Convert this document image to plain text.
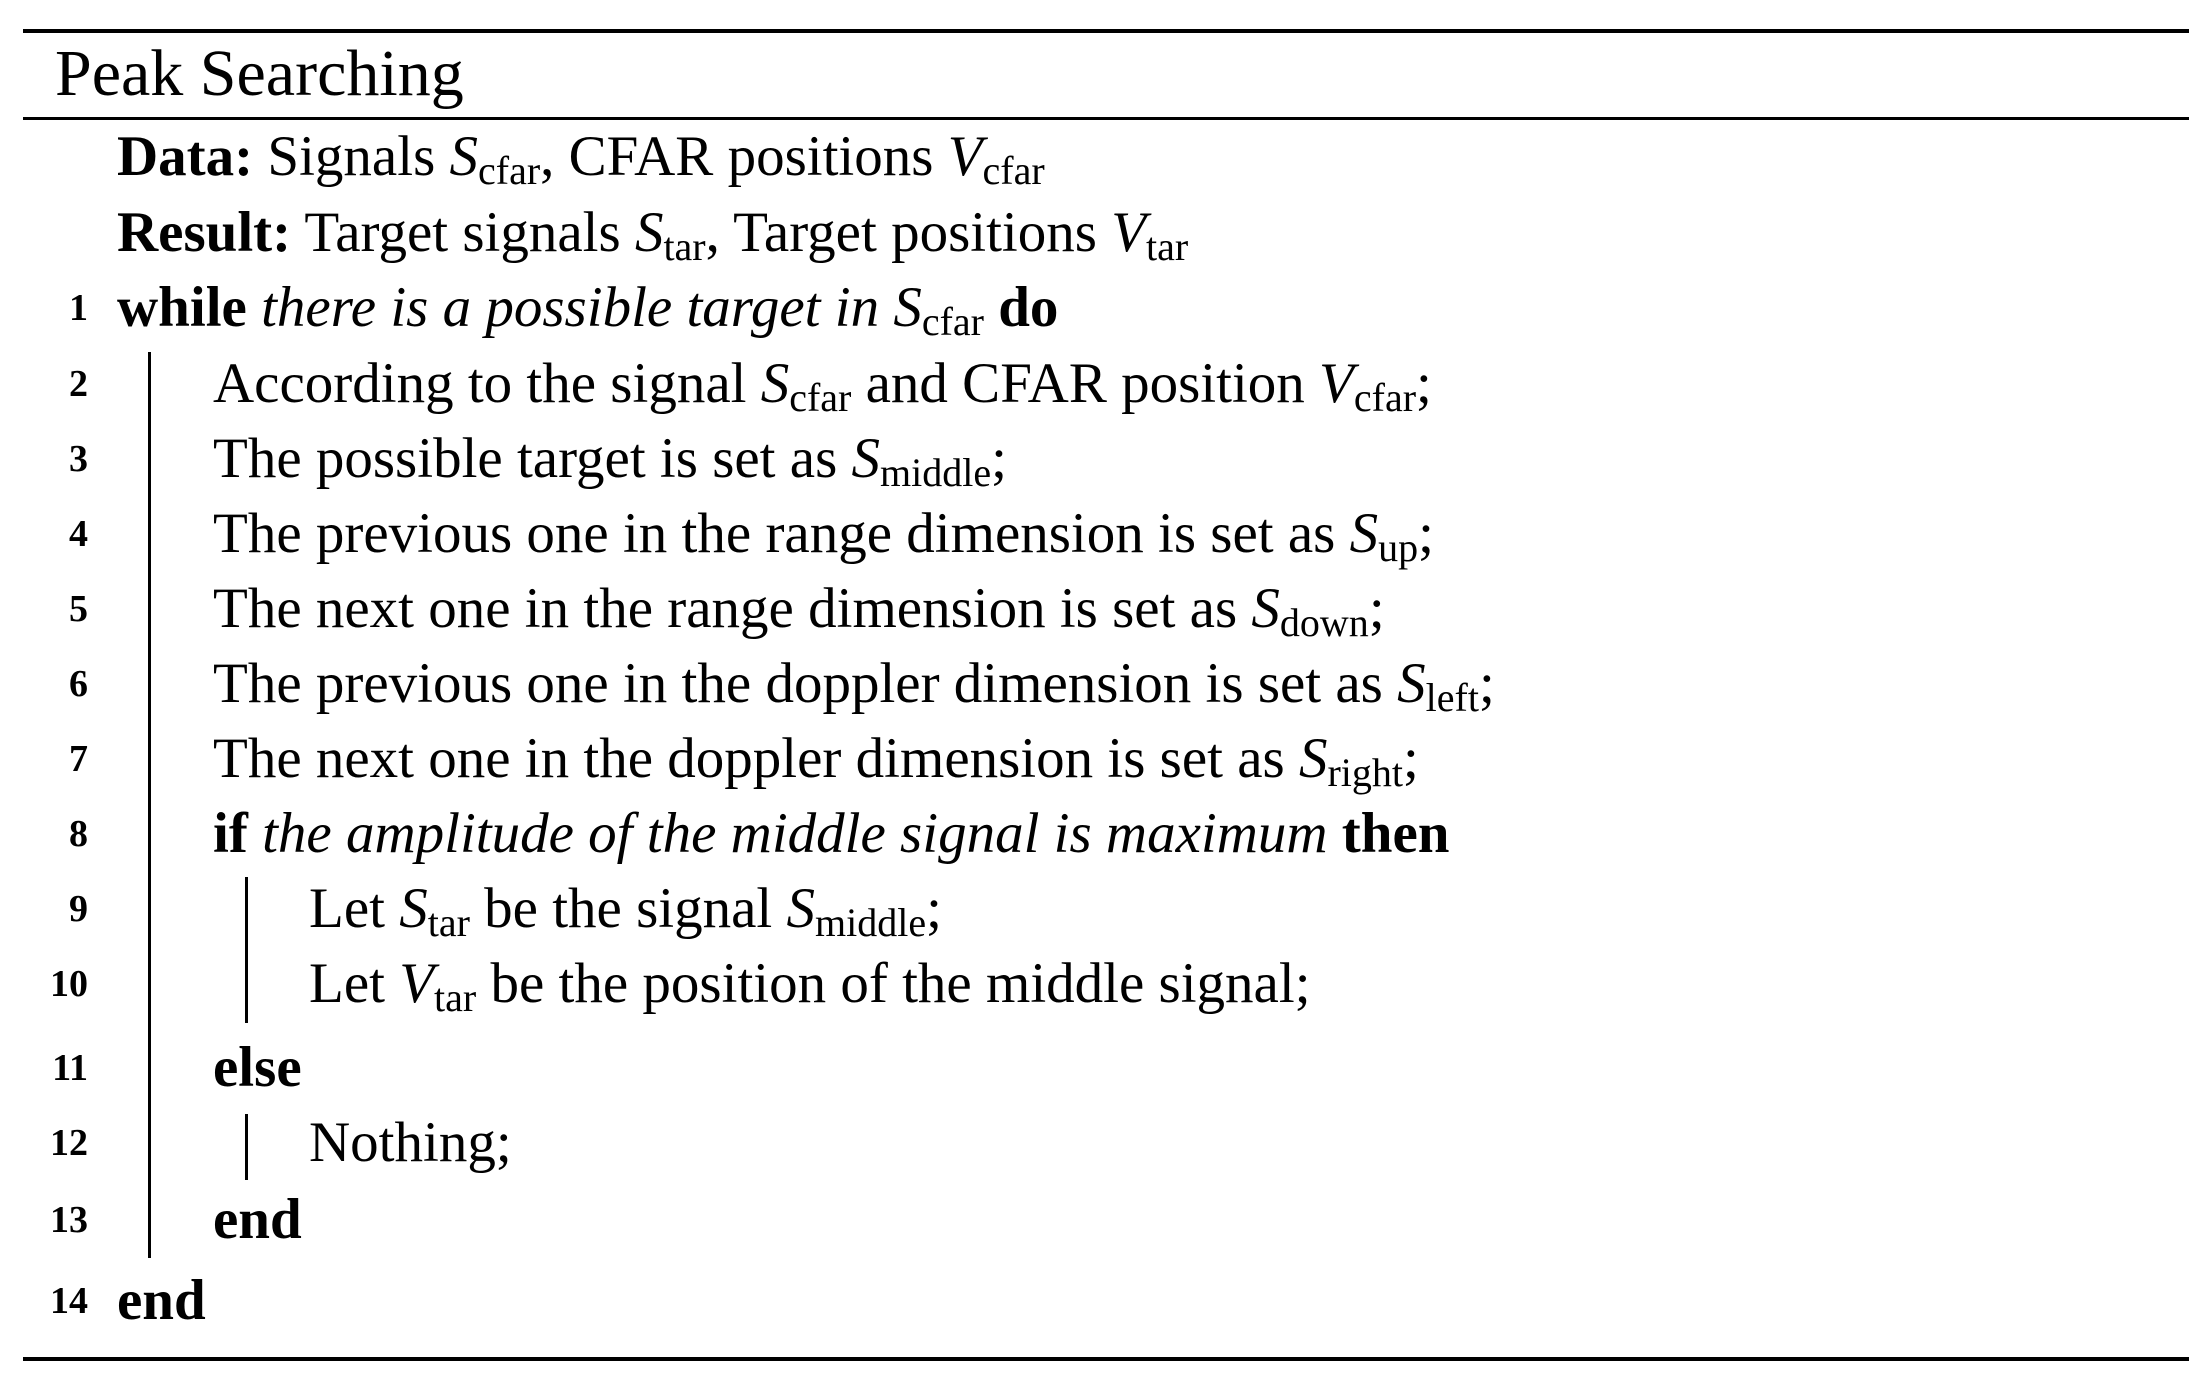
Peak Searching
Data: Signals $S_{cfar}$, CFAR positions $V_{cfar}$
Result: Target signals $S_{tar}$, Target positions $V_{tar}$
1 while there is a possible target in $S_{cfar}$ do
2 According to the signal $S_{cfar}$ and CFAR position $V_{cfar}$;
3 The possible target is set as $S_{middle}$;
4 The previous one in the range dimension is set as $S_{up}$;
5 The next one in the range dimension is set as $S_{down}$;
6 The previous one in the doppler dimension is set as $S_{left}$;
7 The next one in the doppler dimension is set as $S_{right}$;
8 if the amplitude of the middle signal is maximum then
9	Let $S_{tar}$ be the signal $S_{middle}$;
10	Let $V_{tar}$ be the position of the middle signal;
11 else
12	Nothing;
13 end
14 end
